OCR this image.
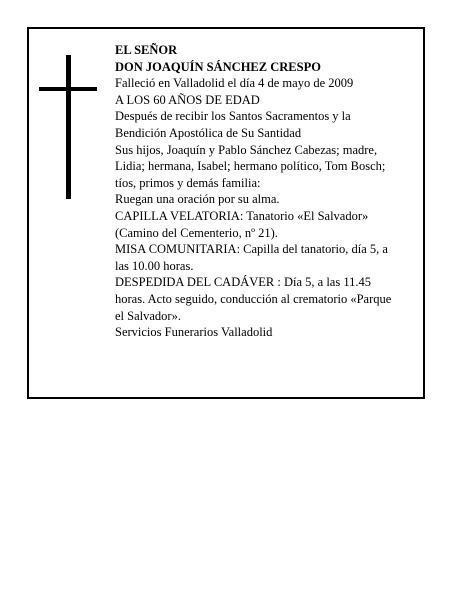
EL SEÑOR
DON JOAQUÍN SÁNCHEZ CRESPO
Falleció en Valladolid el día 4 de mayo de 2009
A LOS 60 AÑOS DE EDAD
Después de recibir los Santos Sacramentos y la
Bendición Apostólica de Su Santidad
Sus hijos, Joaquín y Pablo Sánchez Cabezas; madre,
Lidia; hermana, Isabel; hermano político, Tom Bosch;
tíos, primos y demás familia:
Ruegan una oración por su alma.
CAPILLA VELATORIA: Tanatorio «El Salvador»
(Camino del Cementerio, nº 21).
MISA COMUNITARIA: Capilla del tanatorio, día 5, a
las 10.00 horas.
DESPEDIDA DEL CADÁVER : Día 5, a las 11.45
horas. Acto seguido, conducción al crematorio «Parque
el Salvador».
Servicios Funerarios Valladolid
